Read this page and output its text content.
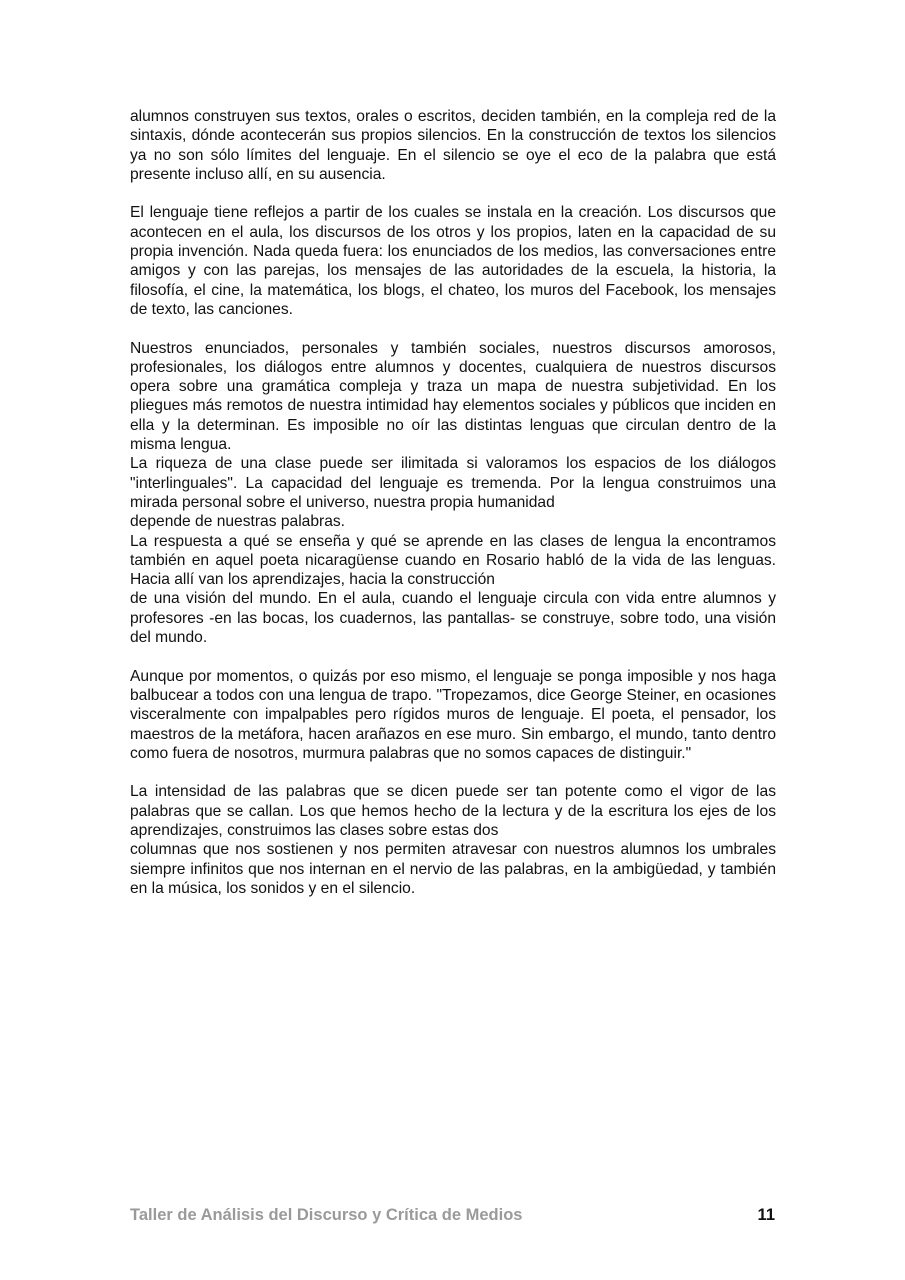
alumnos construyen sus textos, orales o escritos, deciden también, en la compleja red de la sintaxis, dónde acontecerán sus propios silencios. En la construcción de textos los silencios ya no son sólo límites del lenguaje. En el silencio se oye el eco de la palabra que está presente incluso allí, en su ausencia.

El lenguaje tiene reflejos a partir de los cuales se instala en la creación. Los discursos que acontecen en el aula, los discursos de los otros y los propios, laten en la capacidad de su propia invención. Nada queda fuera: los enunciados de los medios, las conversaciones entre amigos y con las parejas, los mensajes de las autoridades de la escuela, la historia, la filosofía, el cine, la matemática, los blogs, el chateo, los muros del Facebook, los mensajes de texto, las canciones.

Nuestros enunciados, personales y también sociales, nuestros discursos amorosos, profesionales, los diálogos entre alumnos y docentes, cualquiera de nuestros discursos opera sobre una gramática compleja y traza un mapa de nuestra subjetividad. En los pliegues más remotos de nuestra intimidad hay elementos sociales y públicos que inciden en ella y la determinan. Es imposible no oír las distintas lenguas que circulan dentro de la misma lengua.

La riqueza de una clase puede ser ilimitada si valoramos los espacios de los diálogos "interlinguales". La capacidad del lenguaje es tremenda. Por la lengua construimos una mirada personal sobre el universo, nuestra propia humanidad

depende de nuestras palabras.

La respuesta a qué se enseña y qué se aprende en las clases de lengua la encontramos también en aquel poeta nicaragüense cuando en Rosario habló de la vida de las lenguas. Hacia allí van los aprendizajes, hacia la construcción

de una visión del mundo. En el aula, cuando el lenguaje circula con vida entre alumnos y profesores -en las bocas, los cuadernos, las pantallas- se construye, sobre todo, una visión del mundo.

Aunque por momentos, o quizás por eso mismo, el lenguaje se ponga imposible y nos haga balbucear a todos con una lengua de trapo. "Tropezamos, dice George Steiner, en ocasiones visceralmente con impalpables pero rígidos muros de lenguaje. El poeta, el pensador, los maestros de la metáfora, hacen arañazos en ese muro. Sin embargo, el mundo, tanto dentro como fuera de nosotros, murmura palabras que no somos capaces de distinguir."

La intensidad de las palabras que se dicen puede ser tan potente como el vigor de las palabras que se callan. Los que hemos hecho de la lectura y de la escritura los ejes de los aprendizajes, construimos las clases sobre estas dos

columnas que nos sostienen y nos permiten atravesar con nuestros alumnos los umbrales siempre infinitos que nos internan en el nervio de las palabras, en la ambigüedad, y también en la música, los sonidos y en el silencio.

Taller de Análisis del Discurso y Crítica de Medios	11
